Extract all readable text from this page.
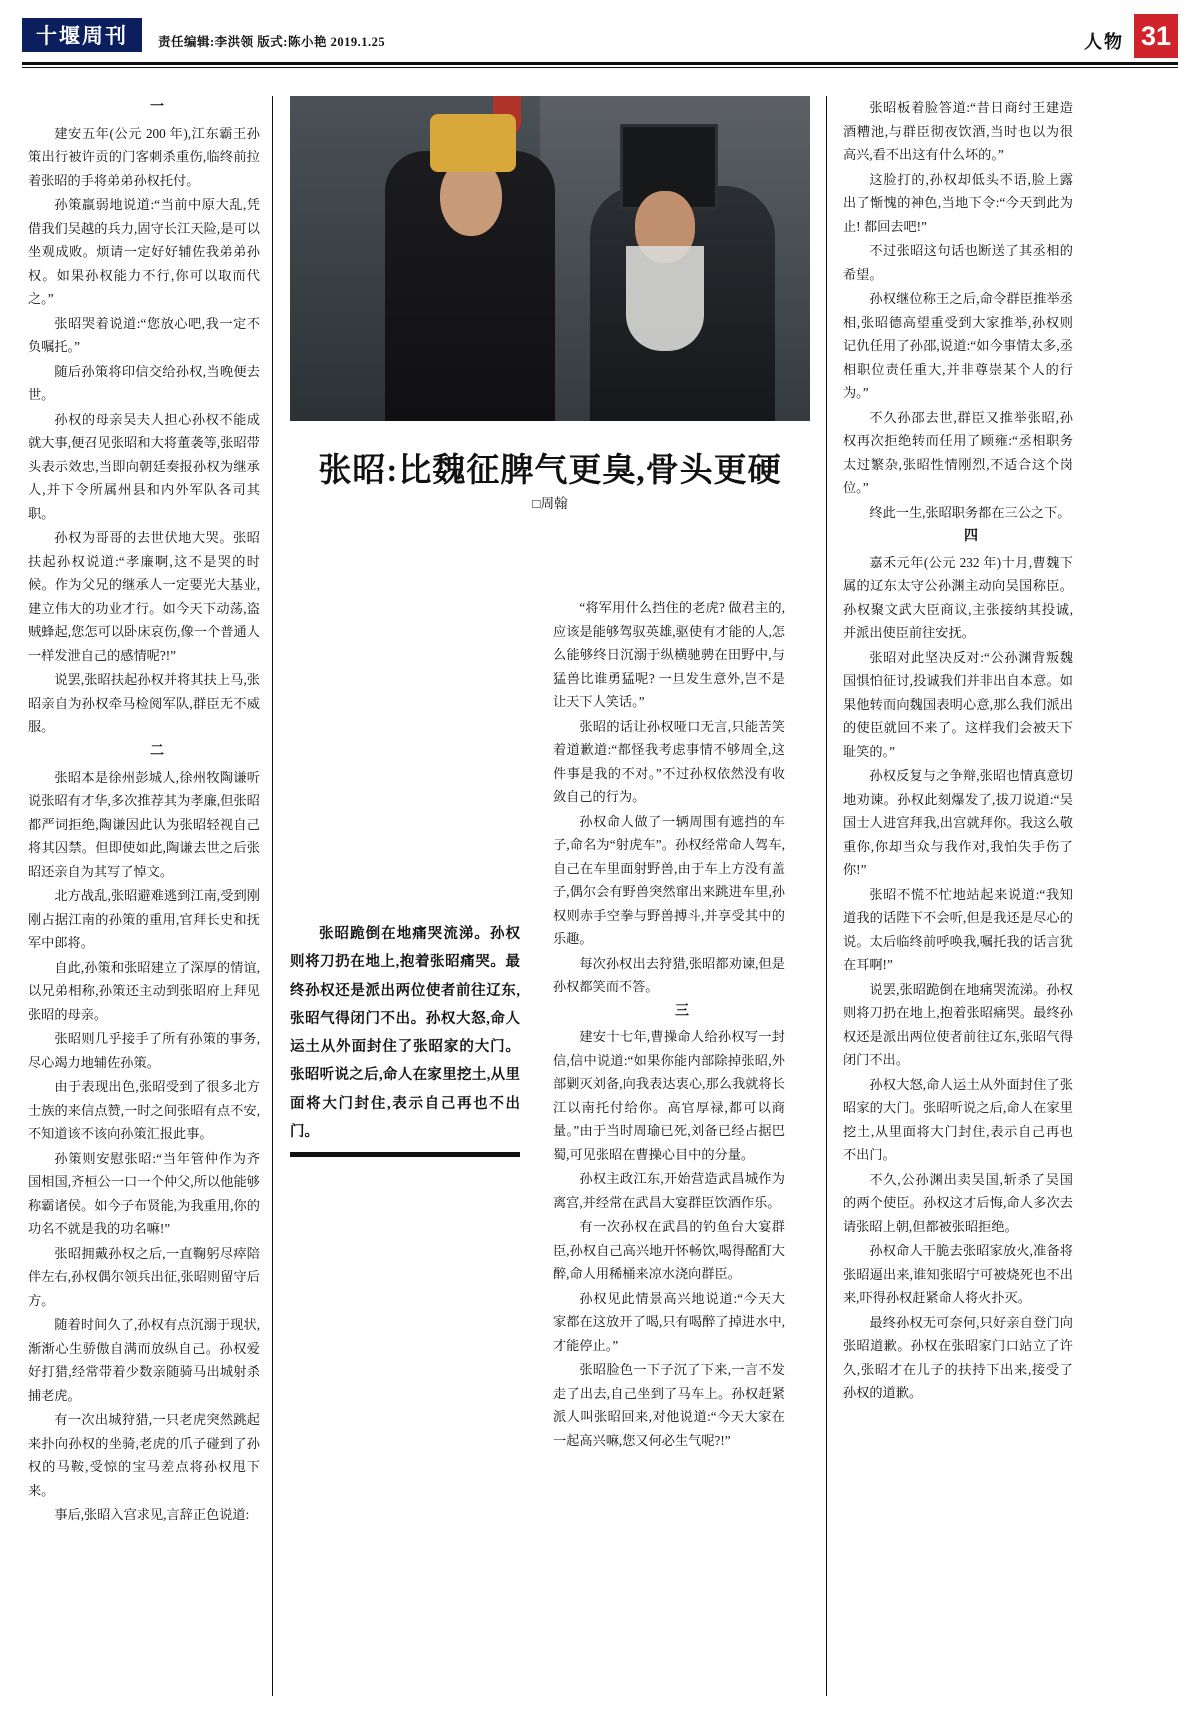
十堰周刊	责任编辑:李洪领 版式:陈小艳 2019.1.25	人物 31
张昭:比魏征脾气更臭,骨头更硬
□周翰

张昭跪倒在地痛哭流涕。孙权则将刀扔在地上,抱着张昭痛哭。最终孙权还是派出两位使者前往辽东,张昭气得闭门不出。孙权大怒,命人运土从外面封住了张昭家的大门。张昭听说之后,命人在家里挖土,从里面将大门封住,表示自己再也不出门。

一

建安五年(公元 200 年),江东霸王孙策出行被许贡的门客刺杀重伤,临终前拉着张昭的手将弟弟孙权托付。

孙策羸弱地说道:“当前中原大乱,凭借我们吴越的兵力,固守长江天险,是可以坐观成败。烦请一定好好辅佐我弟弟孙权。如果孙权能力不行,你可以取而代之。”

张昭哭着说道:“您放心吧,我一定不负嘱托。”

随后孙策将印信交给孙权,当晚便去世。

孙权的母亲吴夫人担心孙权不能成就大事,便召见张昭和大将董袭等,张昭带头表示效忠,当即向朝廷奏报孙权为继承人,并下令所属州县和内外军队各司其职。

孙权为哥哥的去世伏地大哭。张昭扶起孙权说道:“孝廉啊,这不是哭的时候。作为父兄的继承人一定要光大基业,建立伟大的功业才行。如今天下动荡,盗贼蜂起,您怎可以卧床哀伤,像一个普通人一样发泄自己的感情呢?!”

说罢,张昭扶起孙权并将其扶上马,张昭亲自为孙权牵马检阅军队,群臣无不威服。

二

张昭本是徐州彭城人,徐州牧陶谦听说张昭有才华,多次推荐其为孝廉,但张昭都严词拒绝,陶谦因此认为张昭轻视自己将其囚禁。但即使如此,陶谦去世之后张昭还亲自为其写了悼文。

北方战乱,张昭避难逃到江南,受到刚刚占据江南的孙策的重用,官拜长史和抚军中郎将。

自此,孙策和张昭建立了深厚的情谊,以兄弟相称,孙策还主动到张昭府上拜见张昭的母亲。

张昭则几乎接手了所有孙策的事务,尽心竭力地辅佐孙策。

由于表现出色,张昭受到了很多北方士族的来信点赞,一时之间张昭有点不安,不知道该不该向孙策汇报此事。

孙策则安慰张昭:“当年管仲作为齐国相国,齐桓公一口一个仲父,所以他能够称霸诸侯。如今子布贤能,为我重用,你的功名不就是我的功名嘛!”

张昭拥戴孙权之后,一直鞠躬尽瘁陪伴左右,孙权偶尔领兵出征,张昭则留守后方。

随着时间久了,孙权有点沉溺于现状,渐渐心生骄傲自满而放纵自己。孙权爱好打猎,经常带着少数亲随骑马出城射杀捕老虎。

有一次出城狩猎,一只老虎突然跳起来扑向孙权的坐骑,老虎的爪子碰到了孙权的马鞍,受惊的宝马差点将孙权甩下来。

事后,张昭入宫求见,言辞正色说道:

“将军用什么挡住的老虎? 做君主的,应该是能够驾驭英雄,驱使有才能的人,怎么能够终日沉溺于纵横驰骋在田野中,与猛兽比谁勇猛呢? 一旦发生意外,岂不是让天下人笑话。”

张昭的话让孙权哑口无言,只能苦笑着道歉道:“都怪我考虑事情不够周全,这件事是我的不对。”不过孙权依然没有收敛自己的行为。

孙权命人做了一辆周围有遮挡的车子,命名为“射虎车”。孙权经常命人驾车,自己在车里面射野兽,由于车上方没有盖子,偶尔会有野兽突然窜出来跳进车里,孙权则赤手空拳与野兽搏斗,并享受其中的乐趣。

每次孙权出去狩猎,张昭都劝谏,但是孙权都笑而不答。

三

建安十七年,曹操命人给孙权写一封信,信中说道:“如果你能内部除掉张昭,外部剿灭刘备,向我表达衷心,那么我就将长江以南托付给你。高官厚禄,都可以商量。”由于当时周瑜已死,刘备已经占据巴蜀,可见张昭在曹操心目中的分量。

孙权主政江东,开始营造武昌城作为离宫,并经常在武昌大宴群臣饮酒作乐。

有一次孙权在武昌的钓鱼台大宴群臣,孙权自己高兴地开怀畅饮,喝得酩酊大醉,命人用稀桶来凉水浇向群臣。

孙权见此情景高兴地说道:“今天大家都在这放开了喝,只有喝醉了掉进水中,才能停止。”

张昭脸色一下子沉了下来,一言不发走了出去,自己坐到了马车上。孙权赶紧派人叫张昭回来,对他说道:“今天大家在一起高兴嘛,您又何必生气呢?!”

张昭板着脸答道:“昔日商纣王建造酒糟池,与群臣彻夜饮酒,当时也以为很高兴,看不出这有什么坏的。”

这脸打的,孙权却低头不语,脸上露出了惭愧的神色,当地下令:“今天到此为止! 都回去吧!”

不过张昭这句话也断送了其丞相的希望。

孙权继位称王之后,命令群臣推举丞相,张昭德高望重受到大家推举,孙权则记仇任用了孙邵,说道:“如今事情太多,丞相职位责任重大,并非尊崇某个人的行为。”

不久孙邵去世,群臣又推举张昭,孙权再次拒绝转而任用了顾雍:“丞相职务太过繁杂,张昭性情刚烈,不适合这个岗位。”

终此一生,张昭职务都在三公之下。

四

嘉禾元年(公元 232 年)十月,曹魏下属的辽东太守公孙渊主动向吴国称臣。孙权聚文武大臣商议,主张接纳其投诚,并派出使臣前往安抚。

张昭对此坚决反对:“公孙渊背叛魏国惧怕征讨,投诚我们并非出自本意。如果他转而向魏国表明心意,那么我们派出的使臣就回不来了。这样我们会被天下耻笑的。”

孙权反复与之争辩,张昭也情真意切地劝谏。孙权此刻爆发了,拔刀说道:“吴国士人进宫拜我,出宫就拜你。我这么敬重你,你却当众与我作对,我怕失手伤了你!”

张昭不慌不忙地站起来说道:“我知道我的话陛下不会听,但是我还是尽心的说。太后临终前呼唤我,嘱托我的话言犹在耳啊!”

说罢,张昭跪倒在地痛哭流涕。孙权则将刀扔在地上,抱着张昭痛哭。最终孙权还是派出两位使者前往辽东,张昭气得闭门不出。

孙权大怒,命人运土从外面封住了张昭家的大门。张昭听说之后,命人在家里挖土,从里面将大门封住,表示自己再也不出门。

不久,公孙渊出卖吴国,斩杀了吴国的两个使臣。孙权这才后悔,命人多次去请张昭上朝,但都被张昭拒绝。

孙权命人干脆去张昭家放火,准备将张昭逼出来,谁知张昭宁可被烧死也不出来,吓得孙权赶紧命人将火扑灭。

最终孙权无可奈何,只好亲自登门向张昭道歉。孙权在张昭家门口站立了许久,张昭才在儿子的扶持下出来,接受了孙权的道歉。
